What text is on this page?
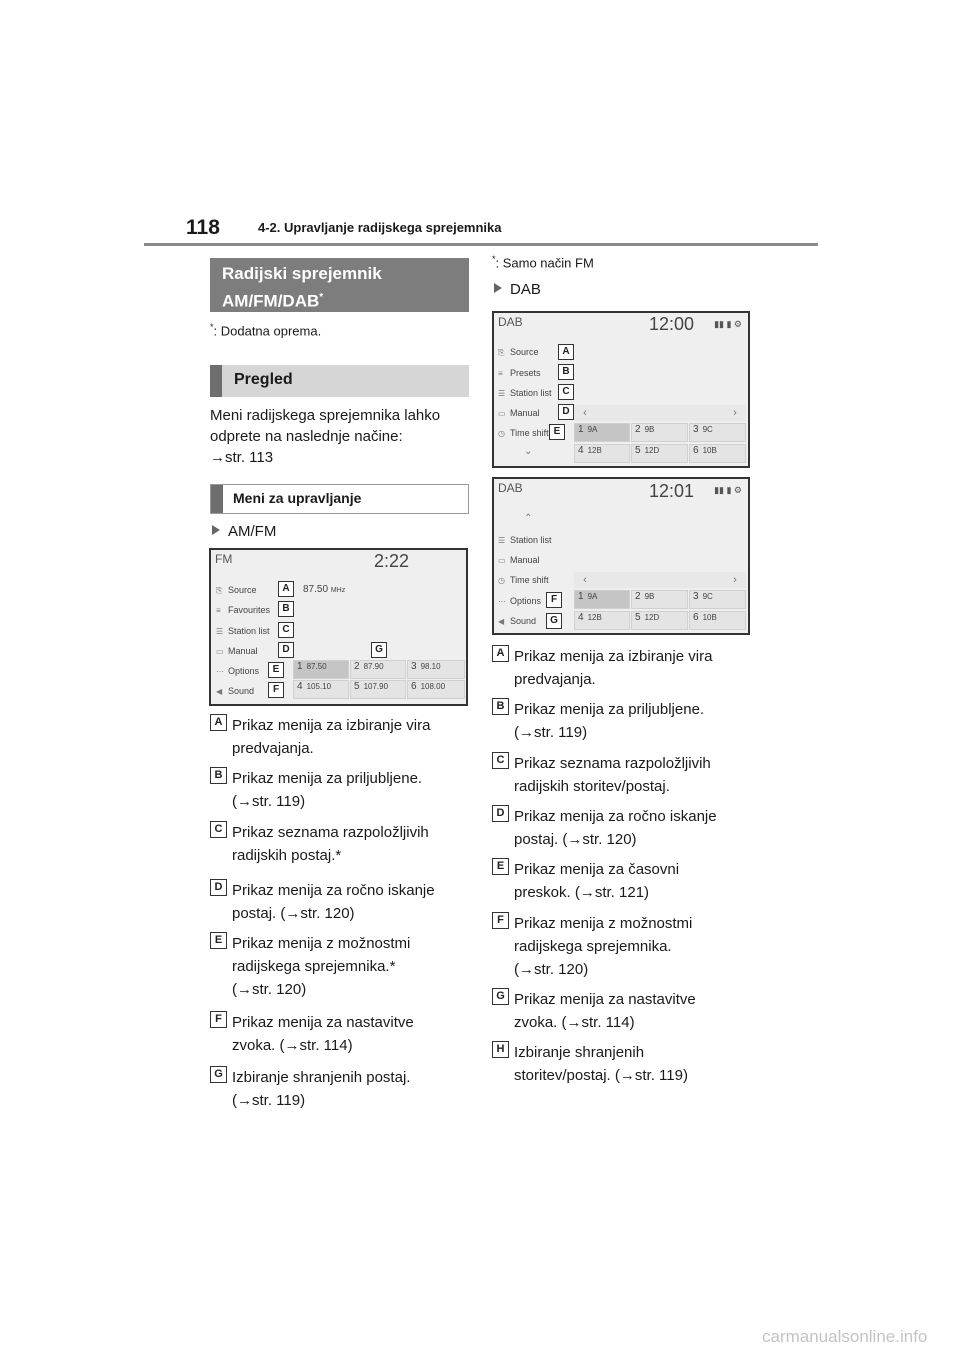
118	4-2. Upravljanje radijskega sprejemnika
Radijski sprejemnik
AM/FM/DAB*
*: Dodatna oprema.
Pregled
Meni radijskega sprejemnika lahko
odprete na naslednje načine:
→str. 113
Meni za upravljanje
AM/FM
FM	2:22
⎘ Source
≡ Favourites
☰ Station list
▭ Manual
⋯ Options
◀ Sound
87.50 MHz
A
B
C
D	G
E
F
1 87.50	2 87.90	3 98.10
4 105.10	5 107.90	6 108.00
A Prikaz menija za izbiranje vira
predvajanja.
B Prikaz menija za priljubljene.
(→str. 119)
C Prikaz seznama razpoložljivih
radijskih postaj.*
D Prikaz menija za ročno iskanje
postaj. (→str. 120)
E Prikaz menija z možnostmi
radijskega sprejemnika.*
(→str. 120)
F Prikaz menija za nastavitve
zvoka. (→str. 114)
G Izbiranje shranjenih postaj.
(→str. 119)
*: Samo način FM
DAB
DAB	12:00 ▮▮ ▮ ⚙
⎘ Source
≡ Presets
☰ Station list
▭ Manual
◷ Time shift
⌄
A
B
C
D
E
‹	›
1 9A	2 9B	3 9C
4 12B	5 12D	6 10B
DAB	12:01 ▮▮ ▮ ⚙
⌃
☰ Station list
▭ Manual
◷ Time shift
⋯ Options
◀ Sound
F
G
‹	›
1 9A	2 9B	3 9C
4 12B	5 12D	6 10B
A Prikaz menija za izbiranje vira
predvajanja.
B Prikaz menija za priljubljene.
(→str. 119)
C Prikaz seznama razpoložljivih
radijskih storitev/postaj.
D Prikaz menija za ročno iskanje
postaj. (→str. 120)
E Prikaz menija za časovni
preskok. (→str. 121)
F Prikaz menija z možnostmi
radijskega sprejemnika.
(→str. 120)
G Prikaz menija za nastavitve
zvoka. (→str. 114)
H Izbiranje shranjenih
storitev/postaj. (→str. 119)
carmanualsonline.info
